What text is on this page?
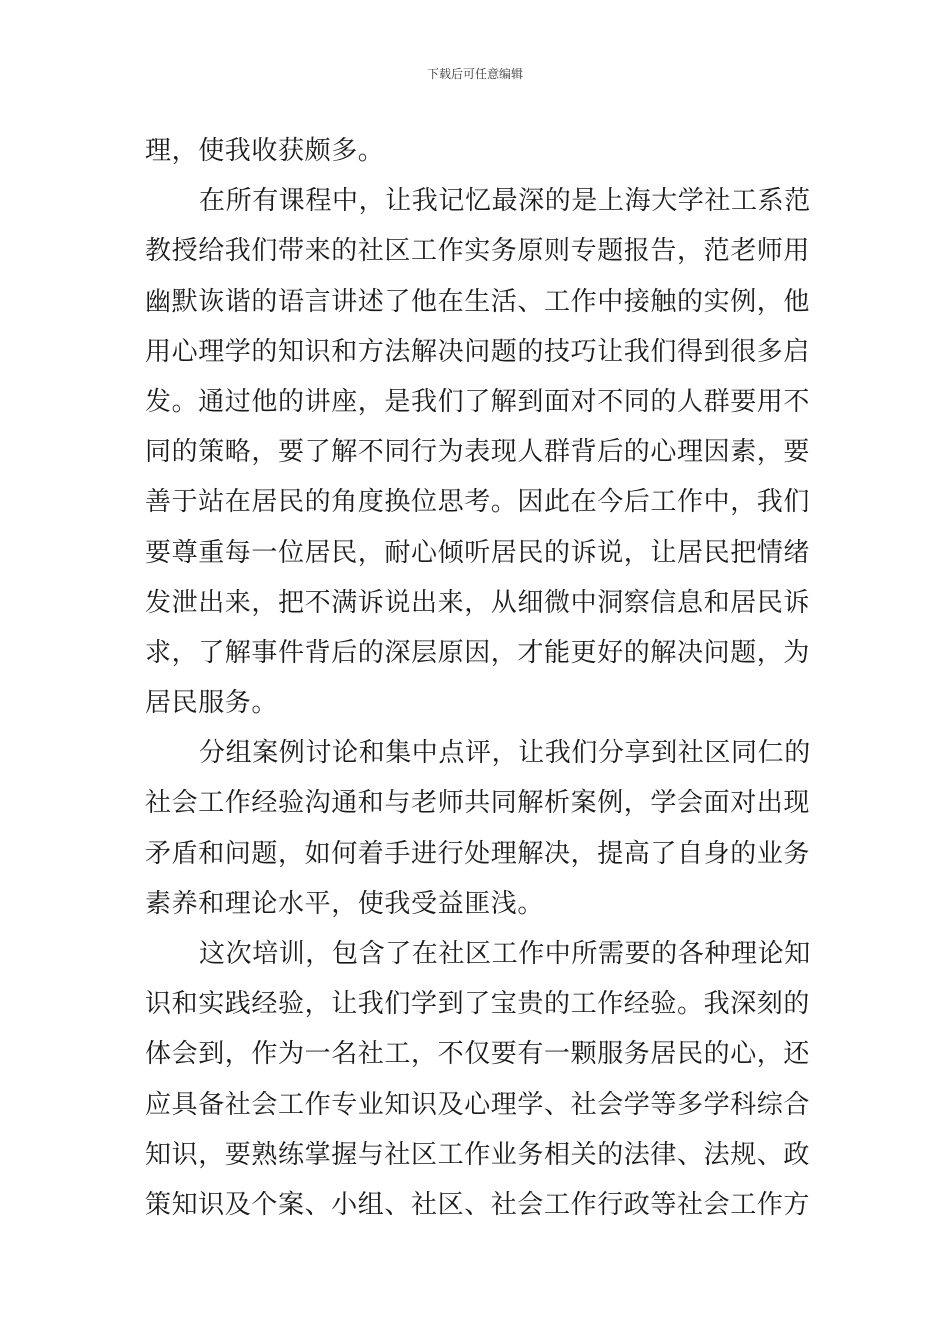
下载后可任意编辑
理，使我收获颇多。
在所有课程中，让我记忆最深的是上海大学社工系范
教授给我们带来的社区工作实务原则专题报告，范老师用
幽默诙谐的语言讲述了他在生活、工作中接触的实例，他
用心理学的知识和方法解决问题的技巧让我们得到很多启
发。通过他的讲座，是我们了解到面对不同的人群要用不
同的策略，要了解不同行为表现人群背后的心理因素，要
善于站在居民的角度换位思考。因此在今后工作中，我们
要尊重每一位居民，耐心倾听居民的诉说，让居民把情绪
发泄出来，把不满诉说出来，从细微中洞察信息和居民诉
求，了解事件背后的深层原因，才能更好的解决问题，为
居民服务。
分组案例讨论和集中点评，让我们分享到社区同仁的
社会工作经验沟通和与老师共同解析案例，学会面对出现
矛盾和问题，如何着手进行处理解决，提高了自身的业务
素养和理论水平，使我受益匪浅。
这次培训，包含了在社区工作中所需要的各种理论知
识和实践经验，让我们学到了宝贵的工作经验。我深刻的
体会到，作为一名社工，不仅要有一颗服务居民的心，还
应具备社会工作专业知识及心理学、社会学等多学科综合
知识，要熟练掌握与社区工作业务相关的法律、法规、政
策知识及个案、小组、社区、社会工作行政等社会工作方
